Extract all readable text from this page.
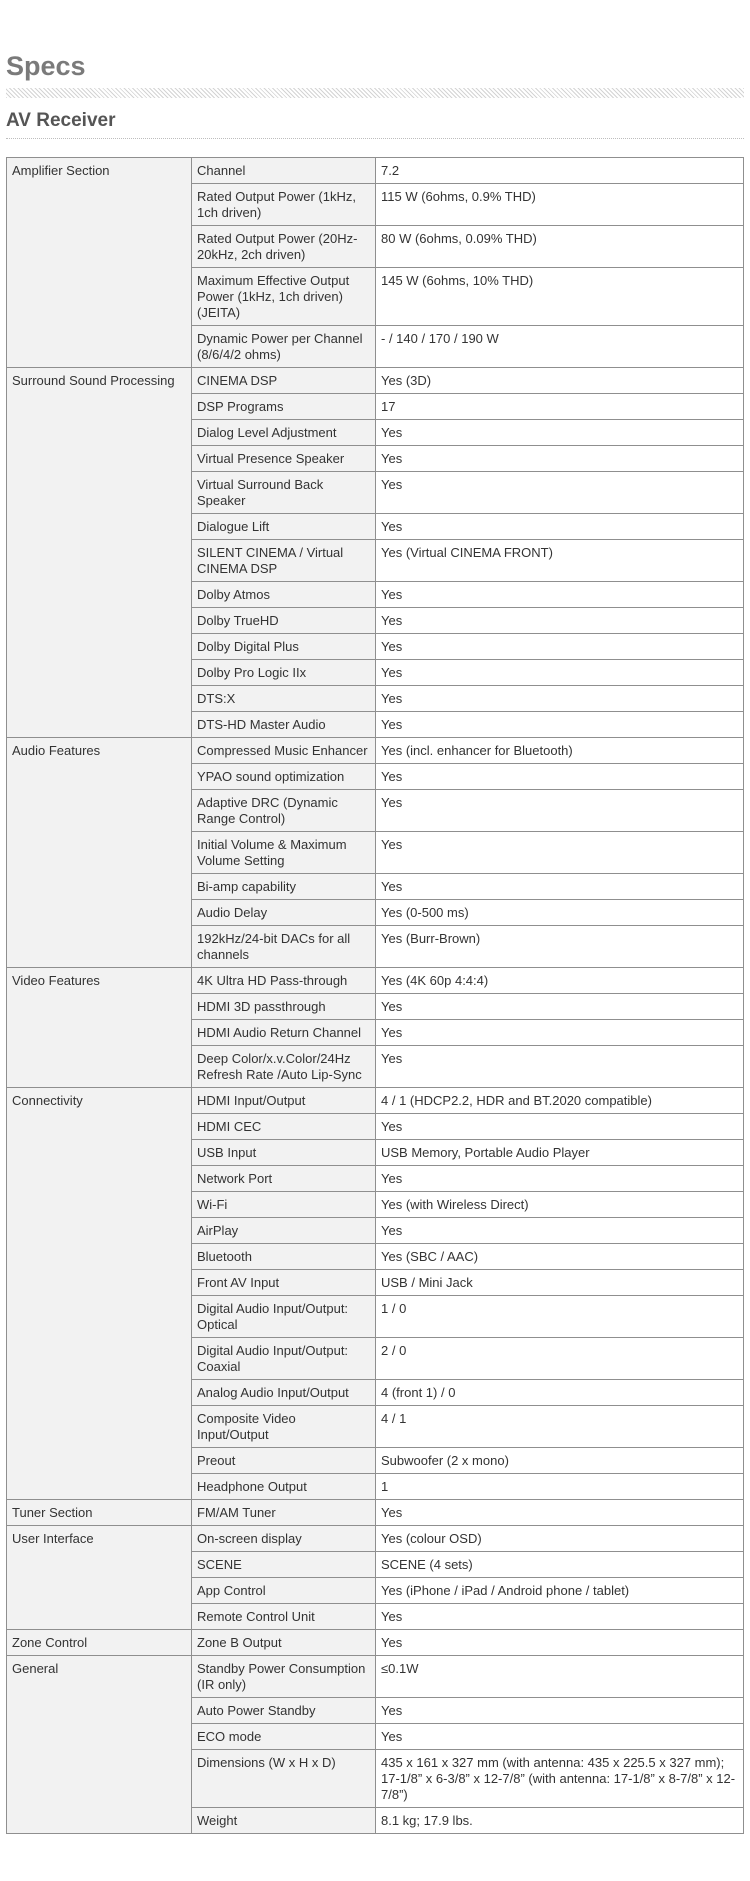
Specs
AV Receiver
Amplifier Section	Channel	7.2
	Rated Output Power (1kHz, 1ch driven)	115 W (6ohms, 0.9% THD)
	Rated Output Power (20Hz-20kHz, 2ch driven)	80 W (6ohms, 0.09% THD)
	Maximum Effective Output Power (1kHz, 1ch driven) (JEITA)	145 W (6ohms, 10% THD)
	Dynamic Power per Channel (8/6/4/2 ohms)	- / 140 / 170 / 190 W
Surround Sound Processing	CINEMA DSP	Yes (3D)
	DSP Programs	17
	Dialog Level Adjustment	Yes
	Virtual Presence Speaker	Yes
	Virtual Surround Back Speaker	Yes
	Dialogue Lift	Yes
	SILENT CINEMA / Virtual CINEMA DSP	Yes (Virtual CINEMA FRONT)
	Dolby Atmos	Yes
	Dolby TrueHD	Yes
	Dolby Digital Plus	Yes
	Dolby Pro Logic IIx	Yes
	DTS:X	Yes
	DTS-HD Master Audio	Yes
Audio Features	Compressed Music Enhancer	Yes (incl. enhancer for Bluetooth)
	YPAO sound optimization	Yes
	Adaptive DRC (Dynamic Range Control)	Yes
	Initial Volume & Maximum Volume Setting	Yes
	Bi-amp capability	Yes
	Audio Delay	Yes (0-500 ms)
	192kHz/24-bit DACs for all channels	Yes (Burr-Brown)
Video Features	4K Ultra HD Pass-through	Yes (4K 60p 4:4:4)
	HDMI 3D passthrough	Yes
	HDMI Audio Return Channel	Yes
	Deep Color/x.v.Color/24Hz Refresh Rate /Auto Lip-Sync	Yes
Connectivity	HDMI Input/Output	4 / 1 (HDCP2.2, HDR and BT.2020 compatible)
	HDMI CEC	Yes
	USB Input	USB Memory, Portable Audio Player
	Network Port	Yes
	Wi-Fi	Yes (with Wireless Direct)
	AirPlay	Yes
	Bluetooth	Yes (SBC / AAC)
	Front AV Input	USB / Mini Jack
	Digital Audio Input/Output: Optical	1 / 0
	Digital Audio Input/Output: Coaxial	2 / 0
	Analog Audio Input/Output	4 (front 1) / 0
	Composite Video Input/Output	4 / 1
	Preout	Subwoofer (2 x mono)
	Headphone Output	1
Tuner Section	FM/AM Tuner	Yes
User Interface	On-screen display	Yes (colour OSD)
	SCENE	SCENE (4 sets)
	App Control	Yes (iPhone / iPad / Android phone / tablet)
	Remote Control Unit	Yes
Zone Control	Zone B Output	Yes
General	Standby Power Consumption (IR only)	≤0.1W
	Auto Power Standby	Yes
	ECO mode	Yes
	Dimensions (W x H x D)	435 x 161 x 327 mm (with antenna: 435 x 225.5 x 327 mm); 17-1/8” x 6-3/8” x 12-7/8” (with antenna: 17-1/8” x 8-7/8” x 12-7/8”)
	Weight	8.1 kg; 17.9 lbs.
